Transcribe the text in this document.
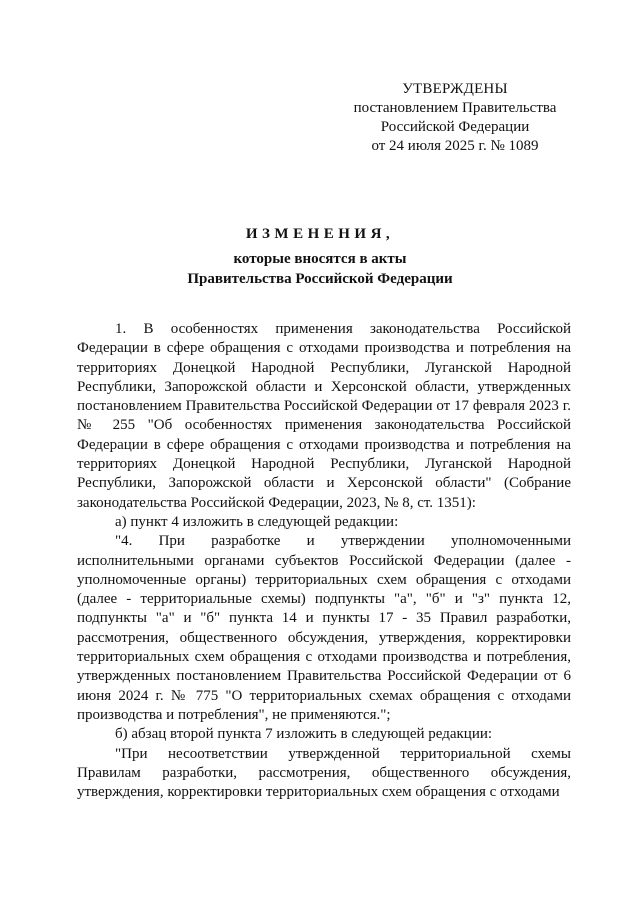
УТВЕРЖДЕНЫ
постановлением Правительства
Российской Федерации
от 24 июля 2025 г. № 1089
ИЗМЕНЕНИЯ,
которые вносятся в акты
Правительства Российской Федерации

1. В особенностях применения законодательства Российской Федерации в сфере обращения с отходами производства и потребления на территориях Донецкой Народной Республики, Луганской Народной Республики, Запорожской области и Херсонской области, утвержденных постановлением Правительства Российской Федерации от 17 февраля 2023 г. № 255 "Об особенностях применения законодательства Российской Федерации в сфере обращения с отходами производства и потребления на территориях Донецкой Народной Республики, Луганской Народной Республики, Запорожской области и Херсонской области" (Собрание законодательства Российской Федерации, 2023, № 8, ст. 1351):

а) пункт 4 изложить в следующей редакции:

"4. При разработке и утверждении уполномоченными исполнительными органами субъектов Российской Федерации (далее - уполномоченные органы) территориальных схем обращения с отходами (далее - территориальные схемы) подпункты "а", "б" и "з" пункта 12, подпункты "а" и "б" пункта 14 и пункты 17 - 35 Правил разработки, рассмотрения, общественного обсуждения, утверждения, корректировки территориальных схем обращения с отходами производства и потребления, утвержденных постановлением Правительства Российской Федерации от 6 июня 2024 г. № 775 "О территориальных схемах обращения с отходами производства и потребления", не применяются.";

б) абзац второй пункта 7 изложить в следующей редакции:

"При несоответствии утвержденной территориальной схемы Правилам разработки, рассмотрения, общественного обсуждения, утверждения, корректировки территориальных схем обращения с отходами
